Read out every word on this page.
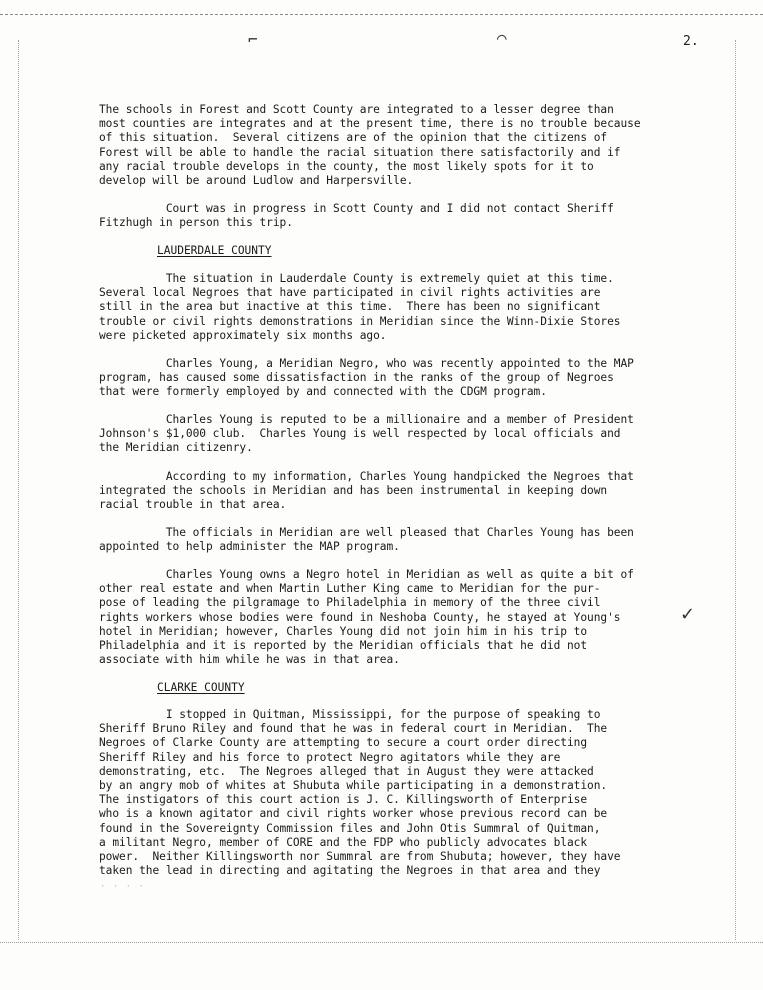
⌐	⌒	2.
The schools in Forest and Scott County are integrated to a lesser degree than
most counties are integrates and at the present time, there is no trouble because
of this situation.  Several citizens are of the opinion that the citizens of
Forest will be able to handle the racial situation there satisfactorily and if
any racial trouble develops in the county, the most likely spots for it to
develop will be around Ludlow and Harpersville.
Court was in progress in Scott County and I did not contact Sheriff
Fitzhugh in person this trip.
LAUDERDALE COUNTY
The situation in Lauderdale County is extremely quiet at this time.
Several local Negroes that have participated in civil rights activities are
still in the area but inactive at this time.  There has been no significant
trouble or civil rights demonstrations in Meridian since the Winn-Dixie Stores
were picketed approximately six months ago.
Charles Young, a Meridian Negro, who was recently appointed to the MAP
program, has caused some dissatisfaction in the ranks of the group of Negroes
that were formerly employed by and connected with the CDGM program.
Charles Young is reputed to be a millionaire and a member of President
Johnson's $1,000 club.  Charles Young is well respected by local officials and
the Meridian citizenry.
According to my information, Charles Young handpicked the Negroes that
integrated the schools in Meridian and has been instrumental in keeping down
racial trouble in that area.
The officials in Meridian are well pleased that Charles Young has been
appointed to help administer the MAP program.
Charles Young owns a Negro hotel in Meridian as well as quite a bit of
other real estate and when Martin Luther King came to Meridian for the pur-
pose of leading the pilgramage to Philadelphia in memory of the three civil
rights workers whose bodies were found in Neshoba County, he stayed at Young's
hotel in Meridian; however, Charles Young did not join him in his trip to
Philadelphia and it is reported by the Meridian officials that he did not
associate with him while he was in that area.
CLARKE COUNTY
I stopped in Quitman, Mississippi, for the purpose of speaking to
Sheriff Bruno Riley and found that he was in federal court in Meridian.  The
Negroes of Clarke County are attempting to secure a court order directing
Sheriff Riley and his force to protect Negro agitators while they are
demonstrating, etc.  The Negroes alleged that in August they were attacked
by an angry mob of whites at Shubuta while participating in a demonstration.
The instigators of this court action is J. C. Killingsworth of Enterprise
who is a known agitator and civil rights worker whose previous record can be
found in the Sovereignty Commission files and John Otis Summral of Quitman,
a militant Negro, member of CORE and the FDP who publicly advocates black
power.  Neither Killingsworth nor Summral are from Shubuta; however, they have
taken the lead in directing and agitating the Negroes in that area and they
✓
· · · ·
